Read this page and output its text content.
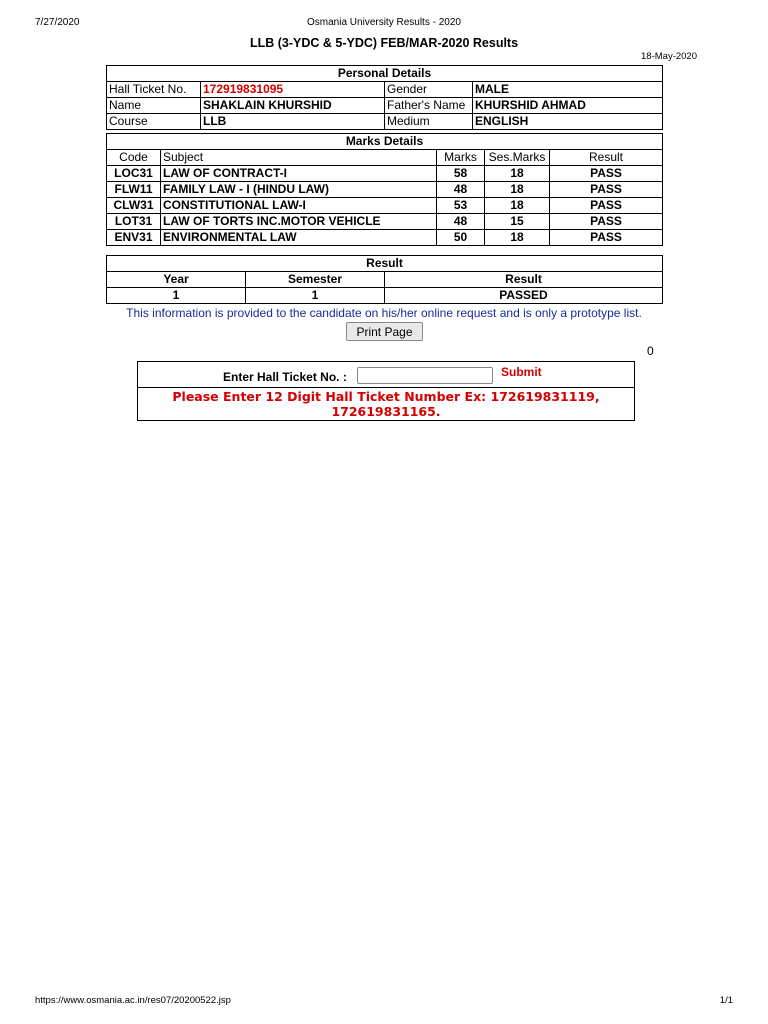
7/27/2020	Osmania University Results - 2020
LLB (3-YDC & 5-YDC) FEB/MAR-2020 Results
18-May-2020
Personal Details			
Hall Ticket No.	172919831095	Gender	MALE
Name	SHAKLAIN KHURSHID	Father's Name	KHURSHID AHMAD
Course	LLB	Medium	ENGLISH
Marks Details				
Code	Subject	Marks	Ses.Marks	Result
LOC31	LAW OF CONTRACT-I	58	18	PASS
FLW11	FAMILY LAW - I (HINDU LAW)	48	18	PASS
CLW31	CONSTITUTIONAL LAW-I	53	18	PASS
LOT31	LAW OF TORTS INC.MOTOR VEHICLE	48	15	PASS
ENV31	ENVIRONMENTAL LAW	50	18	PASS
Result		
Year	Semester	Result
1	1	PASSED
This information is provided to the candidate on his/her online request and is only a prototype list.
Print Page
0
Enter Hall Ticket No. :	Submit
Please Enter 12 Digit Hall Ticket Number Ex: 172619831119,
172619831165.
https://www.osmania.ac.in/res07/20200522.jsp	1/1
